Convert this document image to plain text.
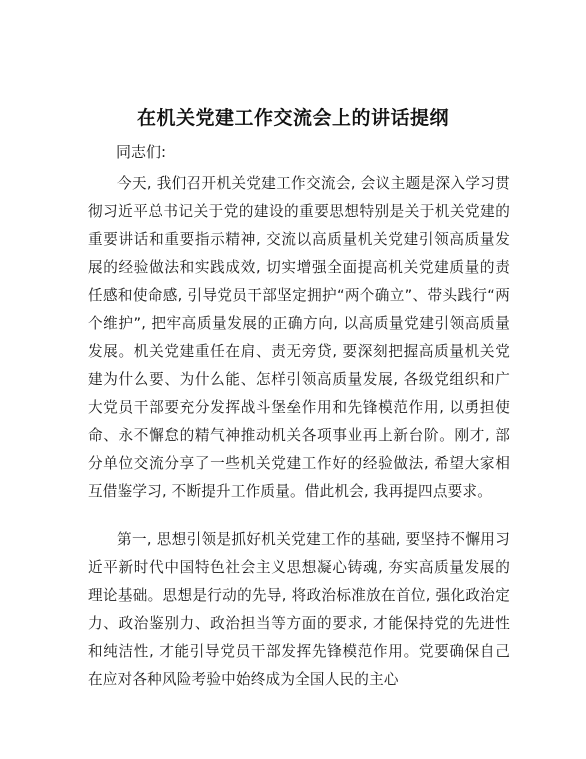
在机关党建工作交流会上的讲话提纲

同志们:

今天, 我们召开机关党建工作交流会, 会议主题是深入学习贯彻习近平总书记关于党的建设的重要思想特别是关于机关党建的重要讲话和重要指示精神, 交流以高质量机关党建引领高质量发展的经验做法和实践成效, 切实增强全面提高机关党建质量的责任感和使命感, 引导党员干部坚定拥护“两个确立”、带头践行“两个维护”, 把牢高质量发展的正确方向, 以高质量党建引领高质量发展。机关党建重任在肩、责无旁贷, 要深刻把握高质量机关党建为什么要、为什么能、怎样引领高质量发展, 各级党组织和广大党员干部要充分发挥战斗堡垒作用和先锋模范作用, 以勇担使命、永不懈怠的精气神推动机关各项事业再上新台阶。刚才, 部分单位交流分享了一些机关党建工作好的经验做法, 希望大家相互借鉴学习, 不断提升工作质量。借此机会, 我再提四点要求。

第一, 思想引领是抓好机关党建工作的基础, 要坚持不懈用习近平新时代中国特色社会主义思想凝心铸魂, 夯实高质量发展的理论基础。思想是行动的先导, 将政治标准放在首位, 强化政治定力、政治鉴别力、政治担当等方面的要求, 才能保持党的先进性和纯洁性, 才能引导党员干部发挥先锋模范作用。党要确保自己在应对各种风险考验中始终成为全国人民的主心
